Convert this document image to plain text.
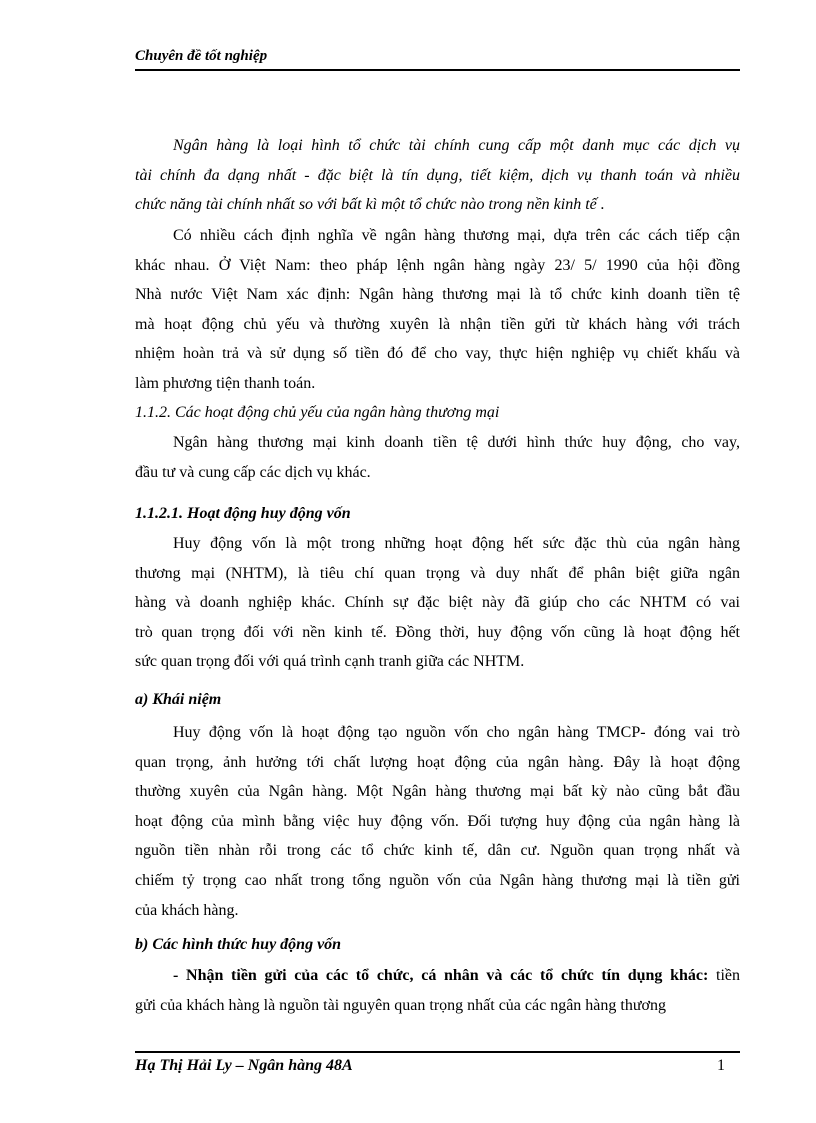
Chuyên đề tốt nghiệp
Ngân hàng là loại hình tổ chức tài chính cung cấp một danh mục các dịch vụ
tài chính đa dạng nhất - đặc biệt là tín dụng, tiết kiệm, dịch vụ thanh toán và nhiều
chức năng tài chính nhất so với bất kì một tổ chức nào trong nền kinh tế .
Có nhiều cách định nghĩa về ngân hàng thương mại, dựa trên các cách tiếp cận
khác nhau. Ở Việt Nam: theo pháp lệnh ngân hàng ngày 23/ 5/ 1990 của hội đồng
Nhà nước Việt Nam xác định: Ngân hàng thương mại là tổ chức kinh doanh tiền tệ
mà hoạt động chủ yếu và thường xuyên là nhận tiền gửi từ khách hàng với trách
nhiệm hoàn trả và sử dụng số tiền đó để cho vay, thực hiện nghiệp vụ chiết khấu và
làm phương tiện thanh toán.
1.1.2. Các hoạt động chủ yếu của ngân hàng thương mại
Ngân hàng thương mại kinh doanh tiền tệ dưới hình thức huy động, cho vay,
đầu tư và cung cấp các dịch vụ khác.
1.1.2.1. Hoạt động huy động vốn
Huy động vốn là một trong những hoạt động hết sức đặc thù của ngân hàng
thương mại (NHTM), là tiêu chí quan trọng và duy nhất để phân biệt giữa ngân
hàng và doanh nghiệp khác. Chính sự đặc biệt này đã giúp cho các NHTM có vai
trò quan trọng đối với nền kinh tế. Đồng thời, huy động vốn cũng là hoạt động hết
sức quan trọng đối với quá trình cạnh tranh giữa các NHTM.
a) Khái niệm
Huy động vốn là hoạt động tạo nguồn vốn cho ngân hàng TMCP- đóng vai trò
quan trọng, ảnh hưởng tới chất lượng hoạt động của ngân hàng. Đây là hoạt động
thường xuyên của Ngân hàng. Một Ngân hàng thương mại bất kỳ nào cũng bắt đầu
hoạt động của mình bằng việc huy động vốn. Đối tượng huy động của ngân hàng là
nguồn tiền nhàn rỗi trong các tổ chức kinh tế, dân cư. Nguồn quan trọng nhất và
chiếm tỷ trọng cao nhất trong tổng nguồn vốn của Ngân hàng thương mại là tiền gửi
của khách hàng.
b) Các hình thức huy động vốn
- Nhận tiền gửi của các tổ chức, cá nhân và các tổ chức tín dụng khác: tiền
gửi của khách hàng là nguồn tài nguyên quan trọng nhất của các ngân hàng thương
Hạ Thị Hải Ly – Ngân hàng 48A	1
